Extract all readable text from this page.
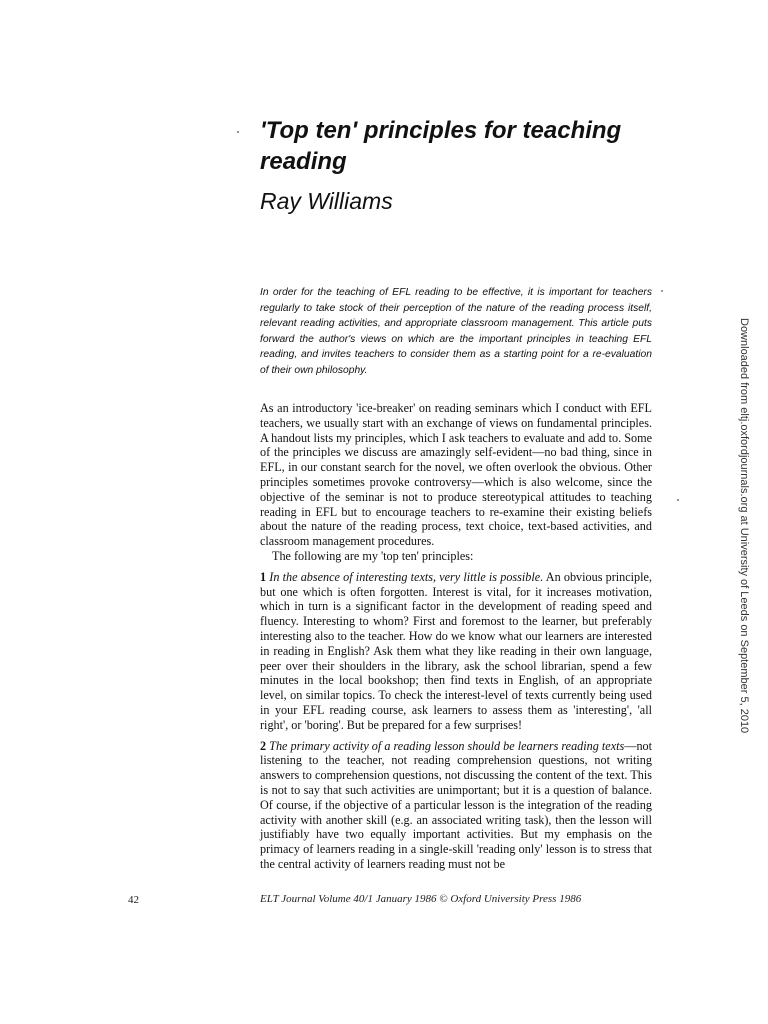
'Top ten' principles for teaching reading
Ray Williams
In order for the teaching of EFL reading to be effective, it is important for teachers regularly to take stock of their perception of the nature of the reading process itself, relevant reading activities, and appropriate classroom management. This article puts forward the author's views on which are the important principles in teaching EFL reading, and invites teachers to consider them as a starting point for a re-evaluation of their own philosophy.

As an introductory 'ice-breaker' on reading seminars which I conduct with EFL teachers, we usually start with an exchange of views on fundamental principles. A handout lists my principles, which I ask teachers to evaluate and add to. Some of the principles we discuss are amazingly self-evident—no bad thing, since in EFL, in our constant search for the novel, we often overlook the obvious. Other principles sometimes provoke controversy—which is also welcome, since the objective of the seminar is not to produce stereotypical attitudes to teaching reading in EFL but to encourage teachers to re-examine their existing beliefs about the nature of the reading process, text choice, text-based activities, and classroom management procedures.

The following are my 'top ten' principles:

1 In the absence of interesting texts, very little is possible. An obvious principle, but one which is often forgotten. Interest is vital, for it increases motivation, which in turn is a significant factor in the development of reading speed and fluency. Interesting to whom? First and foremost to the learner, but preferably interesting also to the teacher. How do we know what our learners are interested in reading in English? Ask them what they like reading in their own language, peer over their shoulders in the library, ask the school librarian, spend a few minutes in the local bookshop; then find texts in English, of an appropriate level, on similar topics. To check the interest-level of texts currently being used in your EFL reading course, ask learners to assess them as 'interesting', 'all right', or 'boring'. But be prepared for a few surprises!

2 The primary activity of a reading lesson should be learners reading texts—not listening to the teacher, not reading comprehension questions, not writing answers to comprehension questions, not discussing the content of the text. This is not to say that such activities are unimportant; but it is a question of balance. Of course, if the objective of a particular lesson is the integration of the reading activity with another skill (e.g. an associated writing task), then the lesson will justifiably have two equally important activities. But my emphasis on the primacy of learners reading in a single-skill 'reading only' lesson is to stress that the central activity of learners reading must not be

42	ELT Journal Volume 40/1 January 1986 © Oxford University Press 1986
Downloaded from eltj.oxfordjournals.org at University of Leeds on September 5, 2010
